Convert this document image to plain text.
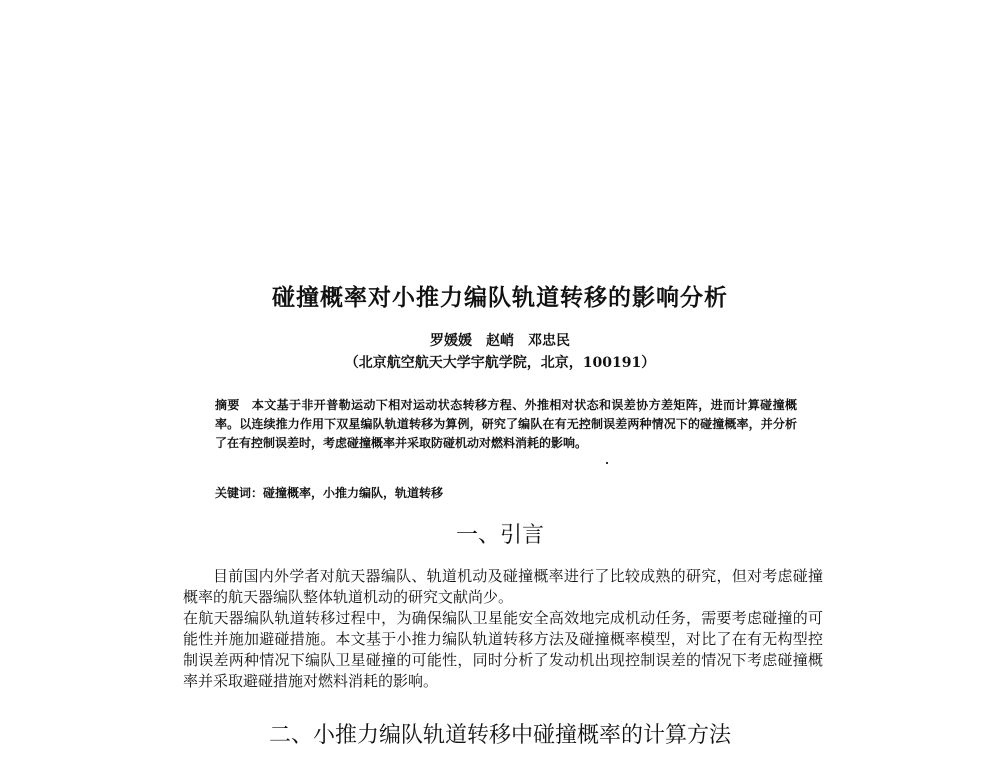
碰撞概率对小推力编队轨道转移的影响分析
罗媛媛　赵峭　邓忠民
（北京航空航天大学宇航学院，北京，100191）
摘要 本文基于非开普勒运动下相对运动状态转移方程、外推相对状态和误差协方差矩阵，进而计算碰撞概率。以连续推力作用下双星编队轨道转移为算例，研究了编队在有无控制误差两种情况下的碰撞概率，并分析了在有控制误差时，考虑碰撞概率并采取防碰机动对燃料消耗的影响。
关键词：碰撞概率，小推力编队，轨道转移
一、引言

目前国内外学者对航天器编队、轨道机动及碰撞概率进行了比较成熟的研究，但对考虑碰撞概率的航天器编队整体轨道机动的研究文献尚少。

在航天器编队轨道转移过程中，为确保编队卫星能安全高效地完成机动任务，需要考虑碰撞的可能性并施加避碰措施。本文基于小推力编队轨道转移方法及碰撞概率模型，对比了在有无构型控制误差两种情况下编队卫星碰撞的可能性，同时分析了发动机出现控制误差的情况下考虑碰撞概率并采取避碰措施对燃料消耗的影响。

二、小推力编队轨道转移中碰撞概率的计算方法
